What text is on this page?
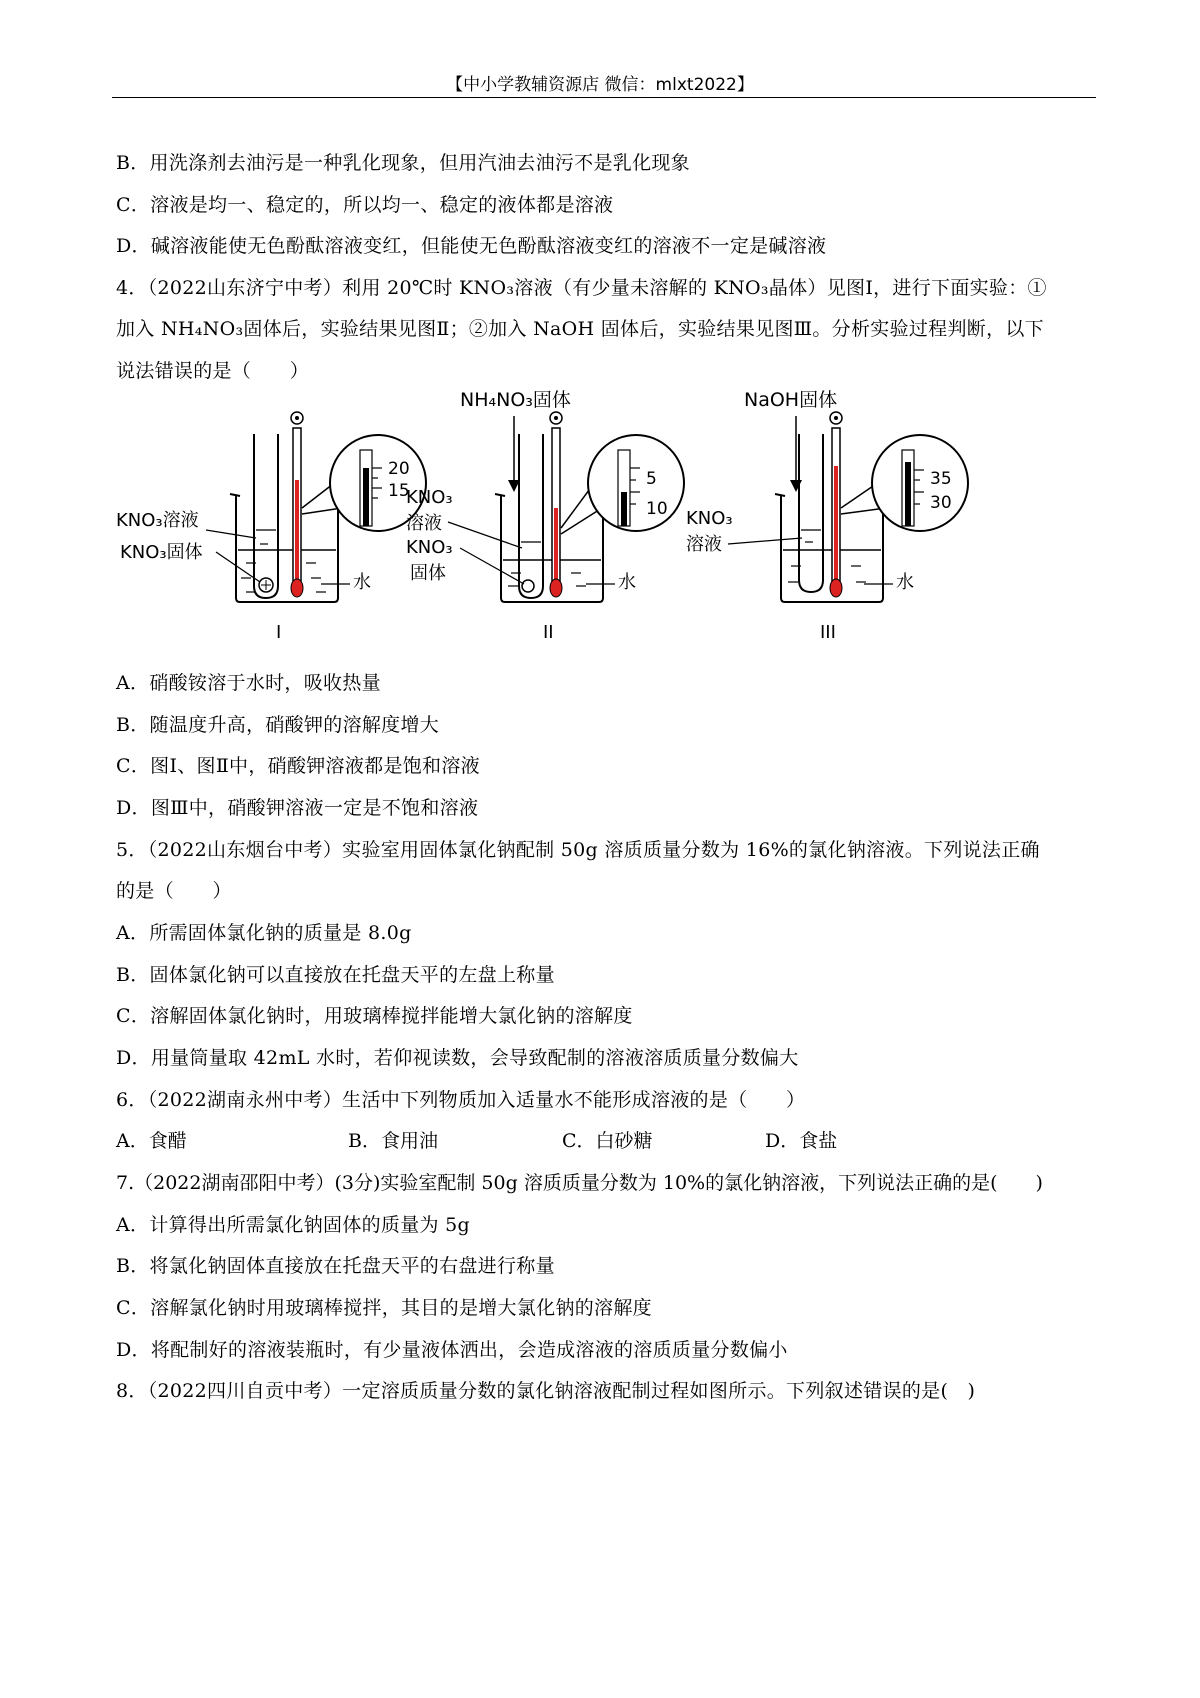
【中小学教辅资源店 微信：mlxt2022】
B．用洗涤剂去油污是一种乳化现象，但用汽油去油污不是乳化现象
C．溶液是均一、稳定的，所以均一、稳定的液体都是溶液
D．碱溶液能使无色酚酞溶液变红，但能使无色酚酞溶液变红的溶液不一定是碱溶液
4．（2022山东济宁中考）利用 20℃时 KNO₃溶液（有少量未溶解的 KNO₃晶体）见图Ⅰ，进行下面实验：①
加入 NH₄NO₃固体后，实验结果见图Ⅱ；②加入 NaOH 固体后，实验结果见图Ⅲ。分析实验过程判断，以下
说法错误的是（　　）
20
15
KNO₃溶液
KNO₃固体
水
I
NH₄NO₃固体
5
10
KNO₃
溶液
KNO₃
固体	水
II
NaOH固体
35
30
KNO₃
溶液
水
III
A．硝酸铵溶于水时，吸收热量
B．随温度升高，硝酸钾的溶解度增大
C．图Ⅰ、图Ⅱ中，硝酸钾溶液都是饱和溶液
D．图Ⅲ中，硝酸钾溶液一定是不饱和溶液
5．（2022山东烟台中考）实验室用固体氯化钠配制 50g 溶质质量分数为 16%的氯化钠溶液。下列说法正确
的是（　　）
A．所需固体氯化钠的质量是 8.0g
B．固体氯化钠可以直接放在托盘天平的左盘上称量
C．溶解固体氯化钠时，用玻璃棒搅拌能增大氯化钠的溶解度
D．用量筒量取 42mL 水时，若仰视读数，会导致配制的溶液溶质质量分数偏大
6．（2022湖南永州中考）生活中下列物质加入适量水不能形成溶液的是（　　）
A．食醋	B．食用油	C．白砂糖	D．食盐
7.（2022湖南邵阳中考）(3分)实验室配制 50g 溶质质量分数为 10%的氯化钠溶液，下列说法正确的是(　　)
A．计算得出所需氯化钠固体的质量为 5g
B．将氯化钠固体直接放在托盘天平的右盘进行称量
C．溶解氯化钠时用玻璃棒搅拌，其目的是增大氯化钠的溶解度
D．将配制好的溶液装瓶时，有少量液体洒出，会造成溶液的溶质质量分数偏小
8．（2022四川自贡中考）一定溶质质量分数的氯化钠溶液配制过程如图所示。下列叙述错误的是(　)
